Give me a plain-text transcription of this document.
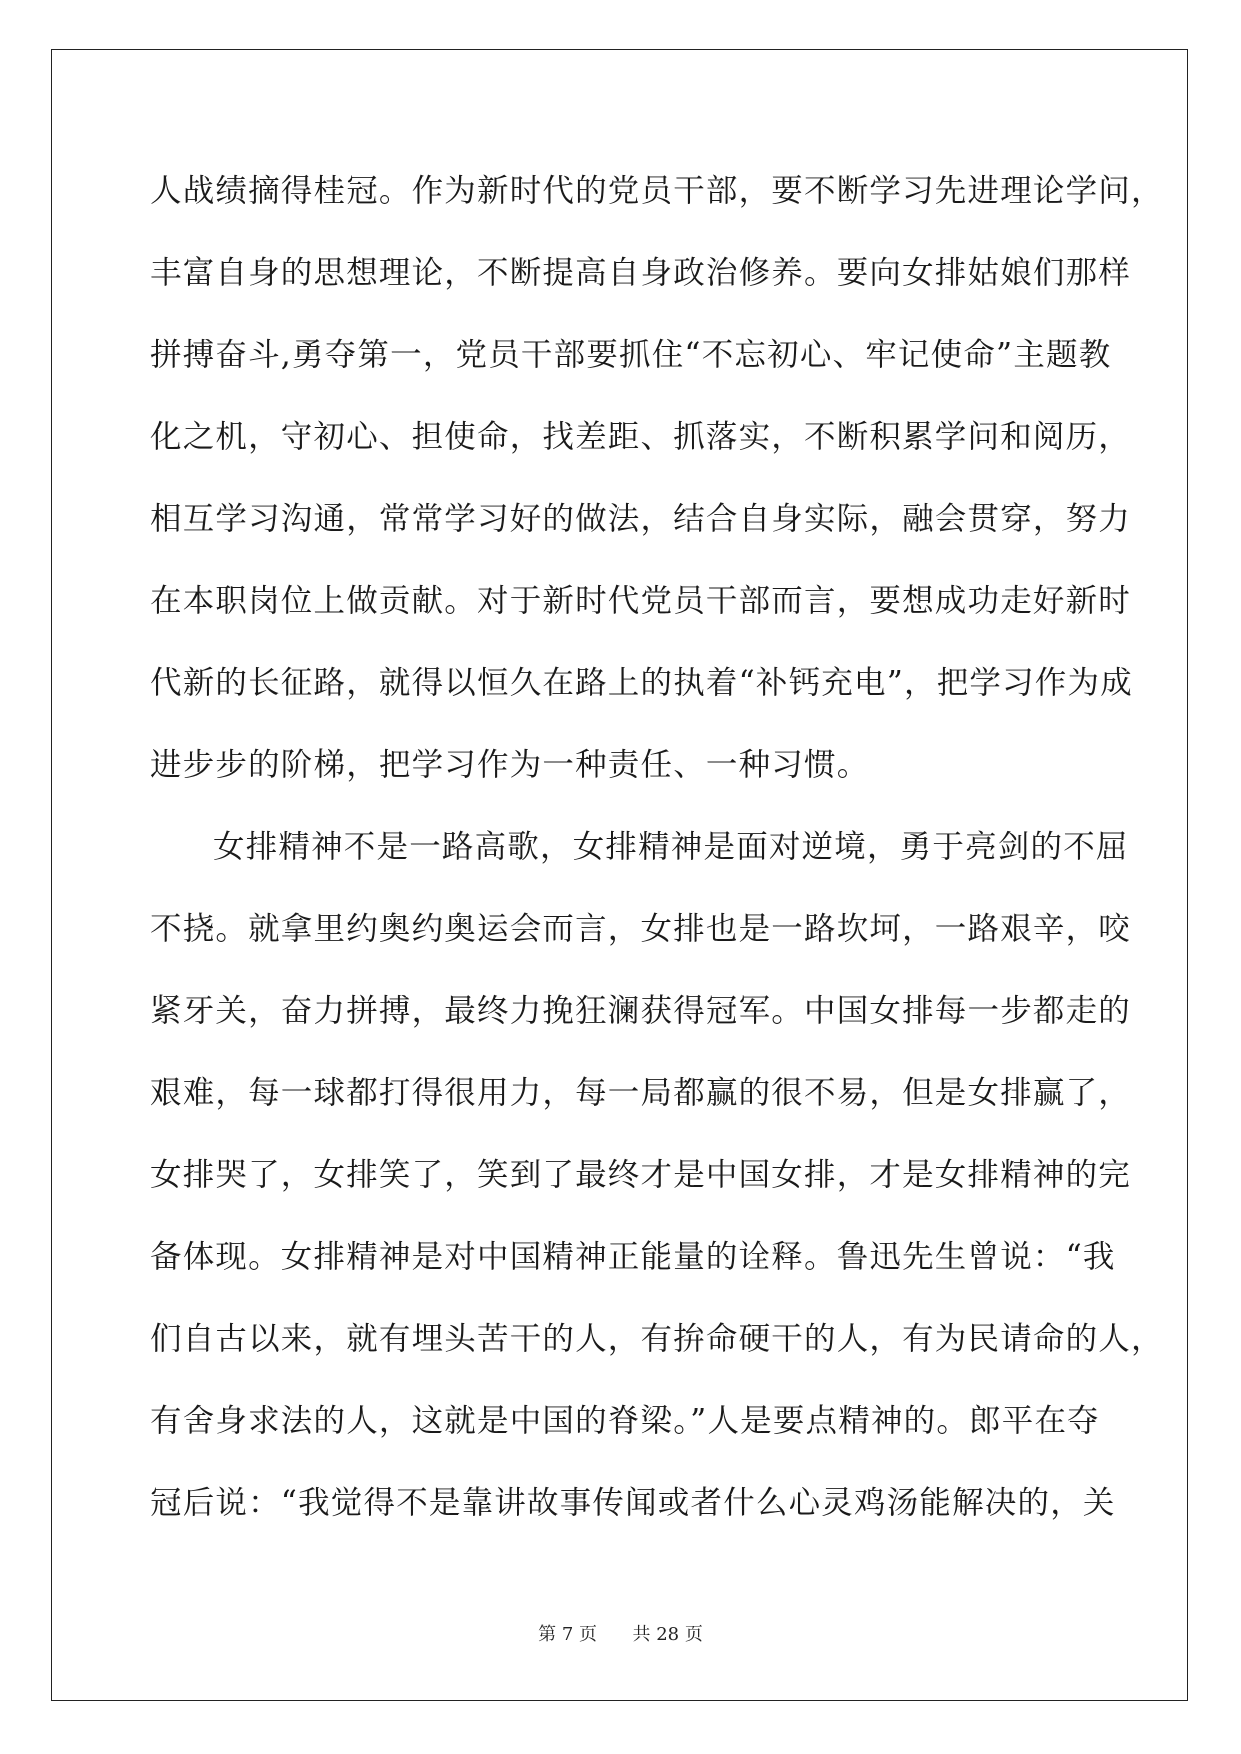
人战绩摘得桂冠。作为新时代的党员干部，要不断学习先进理论学问，
丰富自身的思想理论，不断提高自身政治修养。要向女排姑娘们那样
拼搏奋斗,勇夺第一，党员干部要抓住“不忘初心、牢记使命”主题教
化之机，守初心、担使命，找差距、抓落实，不断积累学问和阅历，
相互学习沟通，常常学习好的做法，结合自身实际，融会贯穿，努力
在本职岗位上做贡献。对于新时代党员干部而言，要想成功走好新时
代新的长征路，就得以恒久在路上的执着“补钙充电”，把学习作为成
进步步的阶梯，把学习作为一种责任、一种习惯。
女排精神不是一路高歌，女排精神是面对逆境，勇于亮剑的不屈
不挠。就拿里约奥约奥运会而言，女排也是一路坎坷，一路艰辛，咬
紧牙关，奋力拼搏，最终力挽狂澜获得冠军。中国女排每一步都走的
艰难，每一球都打得很用力，每一局都赢的很不易，但是女排赢了，
女排哭了，女排笑了，笑到了最终才是中国女排，才是女排精神的完
备体现。女排精神是对中国精神正能量的诠释。鲁迅先生曾说：“我
们自古以来，就有埋头苦干的人，有拚命硬干的人，有为民请命的人，
有舍身求法的人，这就是中国的脊梁。”人是要点精神的。郎平在夺
冠后说：“我觉得不是靠讲故事传闻或者什么心灵鸡汤能解决的，关
第 7 页 共 28 页
